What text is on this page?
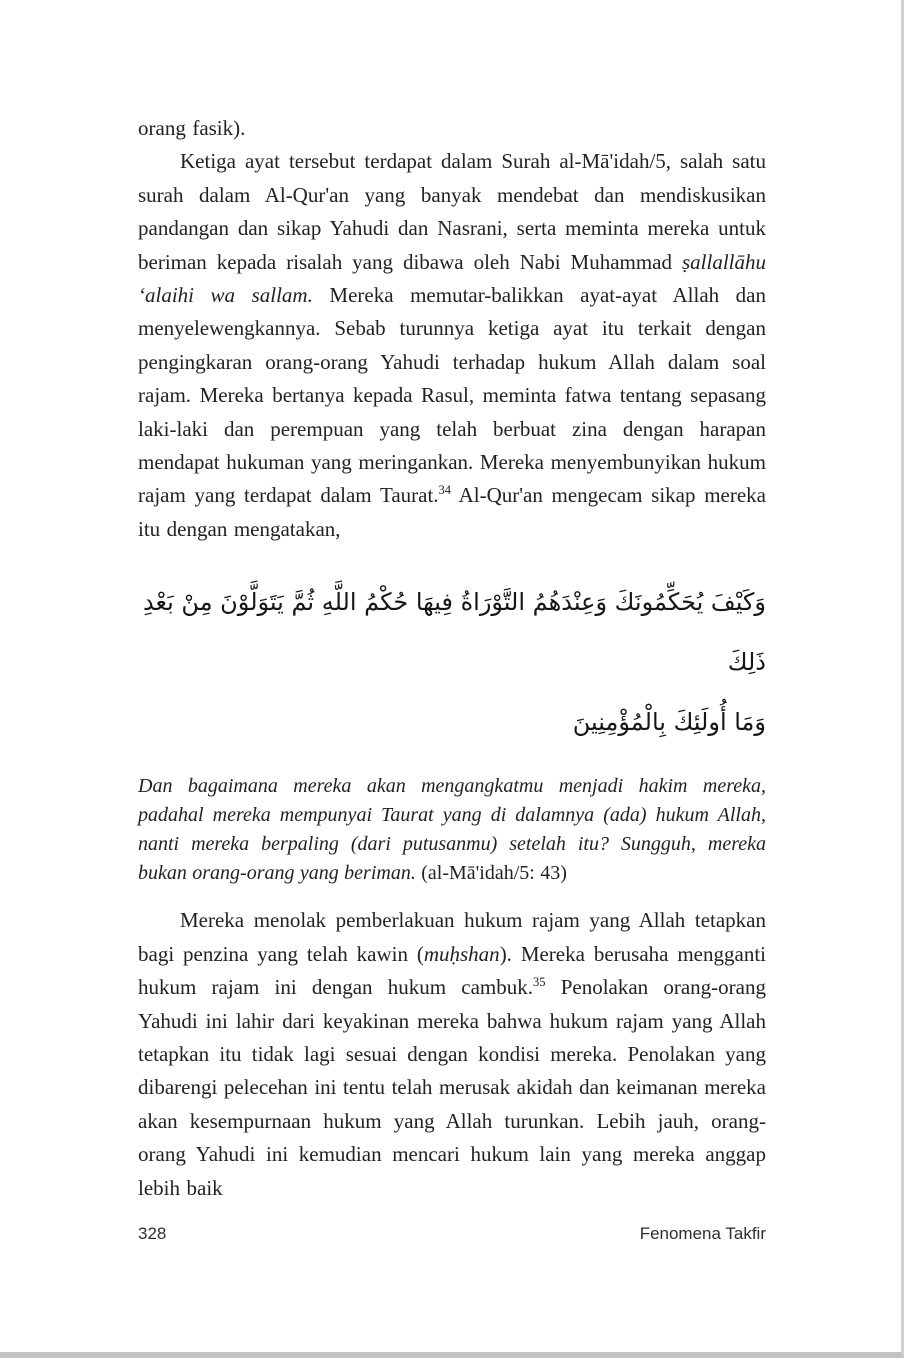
orang fasik).

Ketiga ayat tersebut terdapat dalam Surah al-Mā'idah/5, salah satu surah dalam Al-Qur'an yang banyak mendebat dan mendiskusikan pandangan dan sikap Yahudi dan Nasrani, serta meminta mereka untuk beriman kepada risalah yang dibawa oleh Nabi Muhammad ṣallallāhu ‘alaihi wa sallam. Mereka memutar-balikkan ayat-ayat Allah dan menyelewengkannya. Sebab turunnya ketiga ayat itu terkait dengan pengingkaran orang-orang Yahudi terhadap hukum Allah dalam soal rajam. Mereka bertanya kepada Rasul, meminta fatwa tentang sepasang laki-laki dan perempuan yang telah berbuat zina dengan harapan mendapat hukuman yang meringankan. Mereka menyembunyikan hukum rajam yang terdapat dalam Taurat.$^{34}$ Al-Qur'an mengecam sikap mereka itu dengan mengatakan,

وَكَيْفَ يُحَكِّمُونَكَ وَعِنْدَهُمُ التَّوْرَاةُ فِيهَا حُكْمُ اللَّهِ ثُمَّ يَتَوَلَّوْنَ مِنْ بَعْدِ ذَلِكَ
وَمَا أُولَئِكَ بِالْمُؤْمِنِينَ

Dan bagaimana mereka akan mengangkatmu menjadi hakim mereka, padahal mereka mempunyai Taurat yang di dalamnya (ada) hukum Allah, nanti mereka berpaling (dari putusanmu) setelah itu? Sungguh, mereka bukan orang-orang yang beriman. (al-Mā'idah/5: 43)

Mereka menolak pemberlakuan hukum rajam yang Allah tetapkan bagi penzina yang telah kawin (muḥshan). Mereka berusaha mengganti hukum rajam ini dengan hukum cambuk.$^{35}$ Penolakan orang-orang Yahudi ini lahir dari keyakinan mereka bahwa hukum rajam yang Allah tetapkan itu tidak lagi sesuai dengan kondisi mereka. Penolakan yang dibarengi pelecehan ini tentu telah merusak akidah dan keimanan mereka akan kesempurnaan hukum yang Allah turunkan. Lebih jauh, orang-orang Yahudi ini kemudian mencari hukum lain yang mereka anggap lebih baik

328	Fenomena Takfir
